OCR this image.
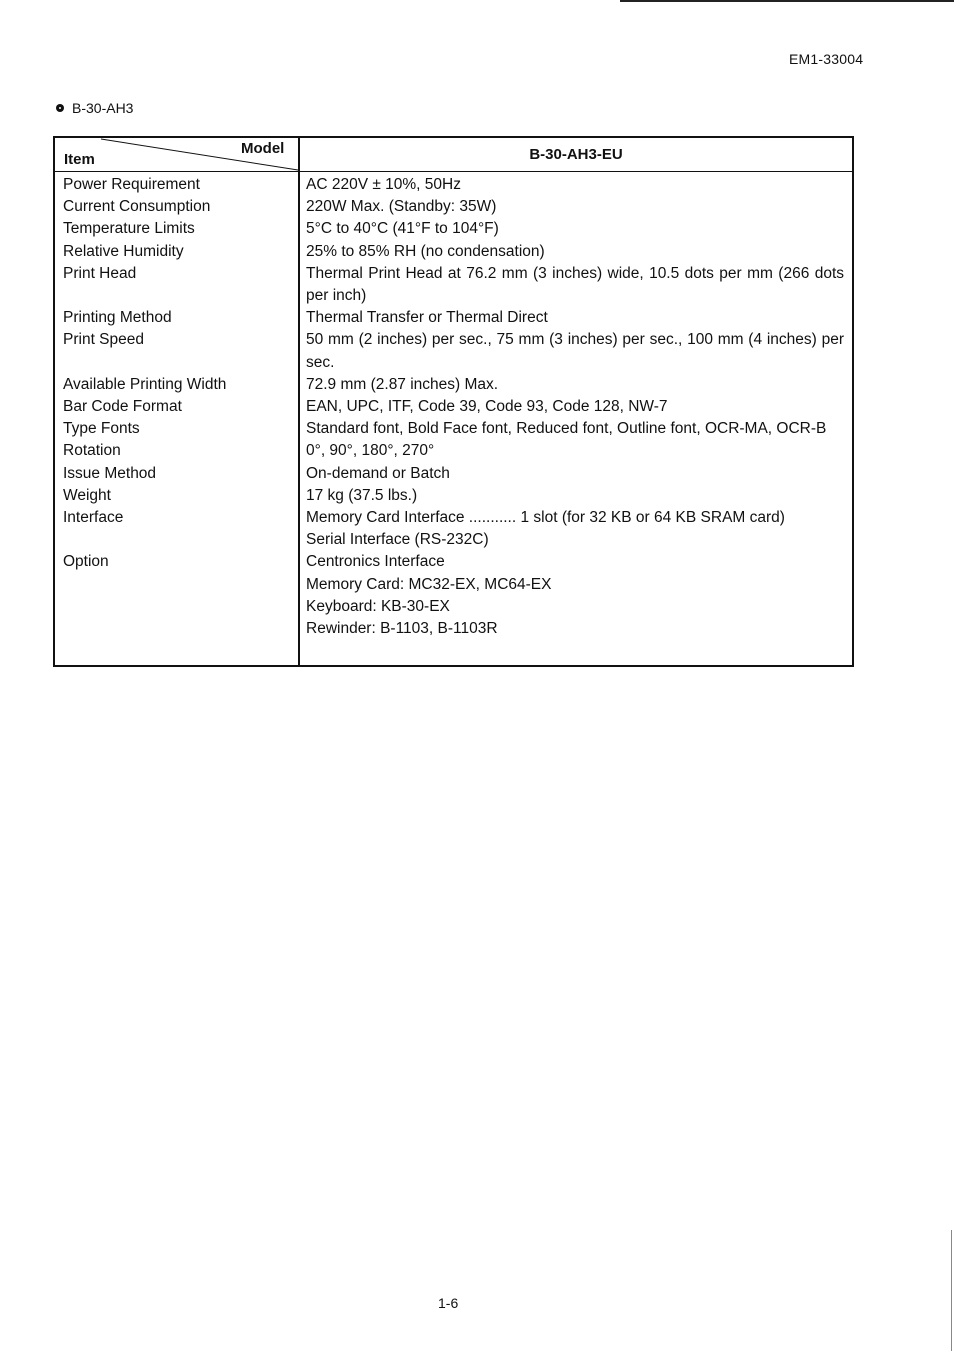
EM1-33004
B-30-AH3
Model
Item	B-30-AH3-EU
Power Requirement	AC 220V ± 10%, 50Hz
Current Consumption	220W Max. (Standby: 35W)
Temperature Limits	5°C to 40°C (41°F to 104°F)
Relative Humidity	25% to 85% RH (no condensation)
Print Head	Thermal Print Head at 76.2 mm (3 inches) wide, 10.5 dots per mm (266 dots per inch)
Printing Method	Thermal Transfer or Thermal Direct
Print Speed	50 mm (2 inches) per sec., 75 mm (3 inches) per sec., 100 mm (4 inches) per sec.
Available Printing Width	72.9 mm (2.87 inches) Max.
Bar Code Format	EAN, UPC, ITF, Code 39, Code 93, Code 128, NW-7
Type Fonts	Standard font, Bold Face font, Reduced font, Outline font, OCR-MA, OCR-B
Rotation	0°, 90°, 180°, 270°
Issue Method	On-demand or Batch
Weight	17 kg (37.5 lbs.)
Interface	Memory Card Interface ........... 1 slot (for 32 KB or 64 KB SRAM card)
Serial Interface (RS-232C)
Option	Centronics Interface
Memory Card: MC32-EX, MC64-EX
Keyboard: KB-30-EX
Rewinder: B-1103, B-1103R
1-6
